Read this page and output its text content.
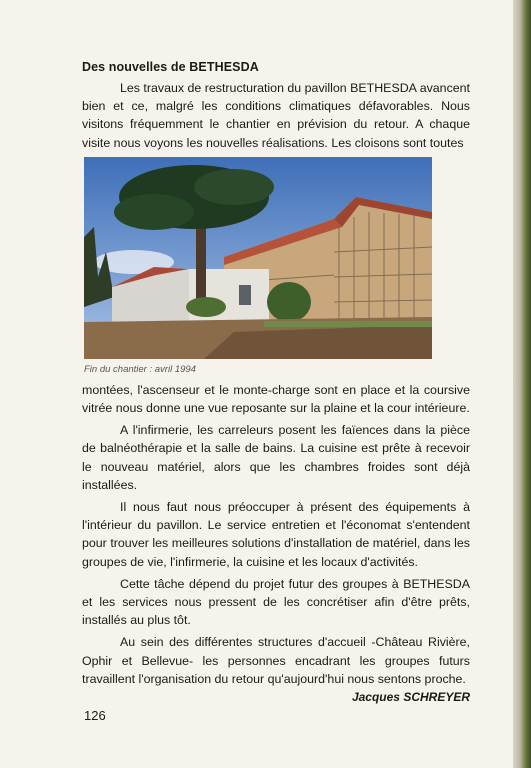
Des nouvelles de BETHESDA

Les travaux de restructuration du pavillon BETHESDA avancent bien et ce, malgré les conditions climatiques défavorables. Nous visitons fréquemment le chantier en prévision du retour. A chaque visite nous voyons les nouvelles réalisations. Les cloisons sont toutes

Fin du chantier : avril 1994

montées, l'ascenseur et le monte-charge sont en place et la coursive vitrée nous donne une vue reposante sur la plaine et la cour intérieure.

A l'infirmerie, les carreleurs posent les faïences dans la pièce de balnéothérapie et la salle de bains. La cuisine est prête à recevoir le nouveau matériel, alors que les chambres froides sont déjà installées.

Il nous faut nous préoccuper à présent des équipements à l'intérieur du pavillon. Le service entretien et l'économat s'entendent pour trouver les meilleures solutions d'installation de matériel, dans les groupes de vie, l'infirmerie, la cuisine et les locaux d'activités.

Cette tâche dépend du projet futur des groupes à BETHESDA et les services nous pressent de les concrétiser afin d'être prêts, installés au plus tôt.

Au sein des différentes structures d'accueil -Château Rivière, Ophir et Bellevue- les personnes encadrant les groupes futurs travaillent l'organisation du retour qu'aujourd'hui nous sentons proche.

Jacques SCHREYER
126
